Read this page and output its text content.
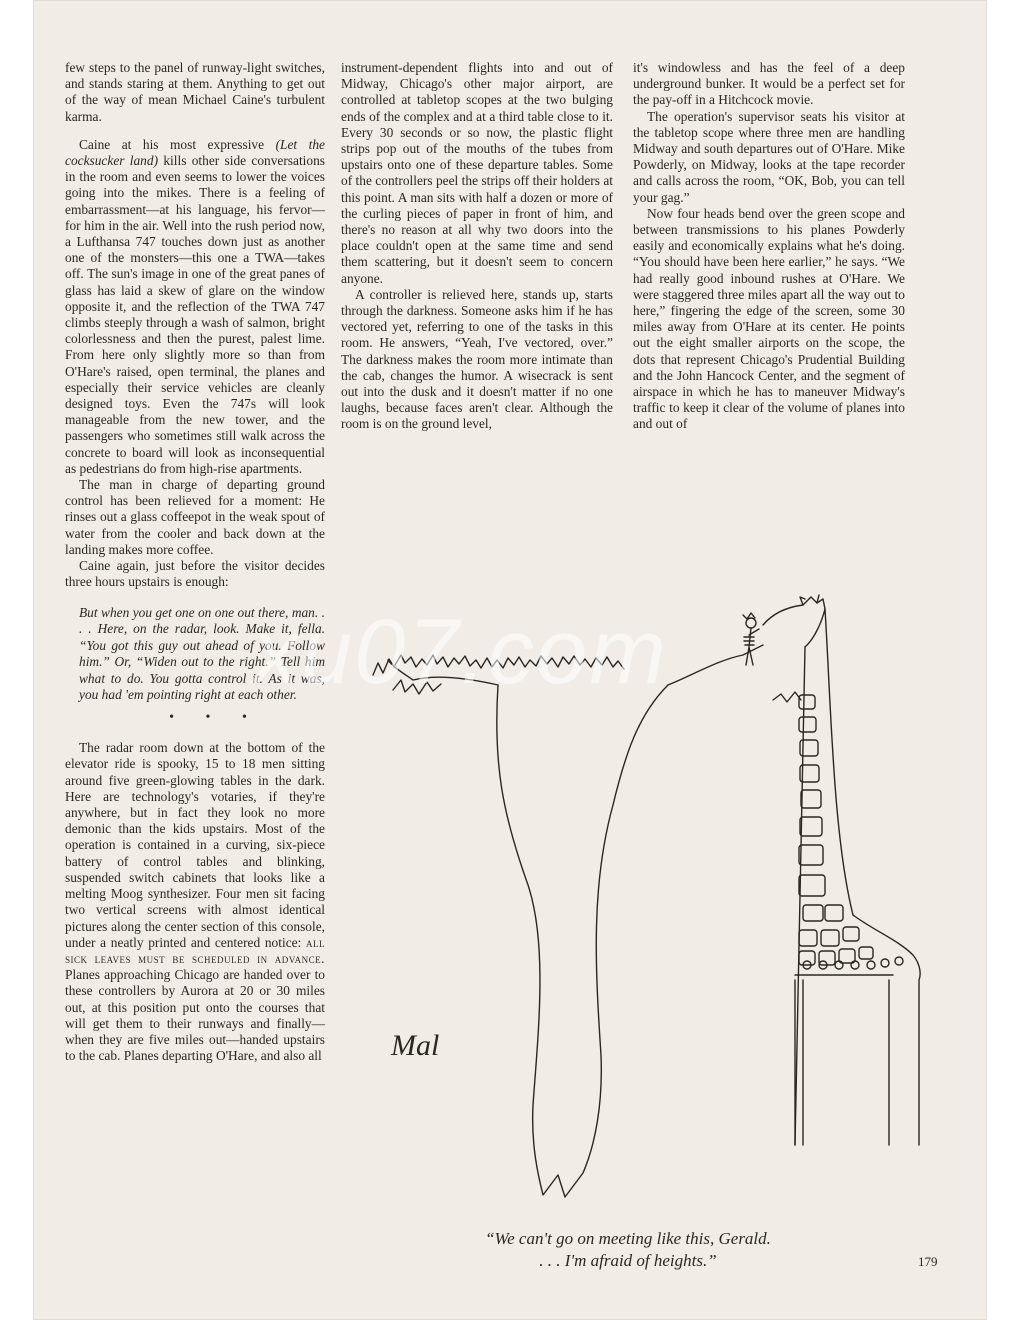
few steps to the panel of runway-light switches, and stands staring at them. Anything to get out of the way of mean Michael Caine's turbulent karma.

Caine at his most expressive (Let the cocksucker land) kills other side conversations in the room and even seems to lower the voices going into the mikes. There is a feeling of embarrassment—at his language, his fervor—for him in the air. Well into the rush period now, a Lufthansa 747 touches down just as another one of the monsters—this one a TWA—takes off. The sun's image in one of the great panes of glass has laid a skew of glare on the window opposite it, and the reflection of the TWA 747 climbs steeply through a wash of salmon, bright colorlessness and then the purest, palest lime. From here only slightly more so than from O'Hare's raised, open terminal, the planes and especially their service vehicles are cleanly designed toys. Even the 747s will look manageable from the new tower, and the passengers who sometimes still walk across the concrete to board will look as inconsequential as pedestrians do from high-rise apartments.

The man in charge of departing ground control has been relieved for a moment: He rinses out a glass coffeepot in the weak spout of water from the cooler and back down at the landing makes more coffee.

Caine again, just before the visitor decides three hours upstairs is enough:

But when you get one on one out there, man. . . . Here, on the radar, look. Make it, fella. “You got this guy out ahead of you. Follow him.” Or, “Widen out to the right.” Tell him what to do. You gotta control it. As it was, you had 'em pointing right at each other.

• • •

The radar room down at the bottom of the elevator ride is spooky, 15 to 18 men sitting around five green-glowing tables in the dark. Here are technology's votaries, if they're anywhere, but in fact they look no more demonic than the kids upstairs. Most of the operation is contained in a curving, six-piece battery of control tables and blinking, suspended switch cabinets that looks like a melting Moog synthesizer. Four men sit facing two vertical screens with almost identical pictures along the center section of this console, under a neatly printed and centered notice: all sick leaves must be scheduled in advance. Planes approaching Chicago are handed over to these controllers by Aurora at 20 or 30 miles out, at this position put onto the courses that will get them to their runways and finally—when they are five miles out—handed upstairs to the cab. Planes departing O'Hare, and also all

instrument-dependent flights into and out of Midway, Chicago's other major airport, are controlled at tabletop scopes at the two bulging ends of the complex and at a third table close to it. Every 30 seconds or so now, the plastic flight strips pop out of the mouths of the tubes from upstairs onto one of these departure tables. Some of the controllers peel the strips off their holders at this point. A man sits with half a dozen or more of the curling pieces of paper in front of him, and there's no reason at all why two doors into the place couldn't open at the same time and send them scattering, but it doesn't seem to concern anyone.

A controller is relieved here, stands up, starts through the darkness. Someone asks him if he has vectored yet, referring to one of the tasks in this room. He answers, “Yeah, I've vectored, over.” The darkness makes the room more intimate than the cab, changes the humor. A wisecrack is sent out into the dusk and it doesn't matter if no one laughs, because faces aren't clear. Although the room is on the ground level,

it's windowless and has the feel of a deep underground bunker. It would be a perfect set for the pay-off in a Hitchcock movie.

The operation's supervisor seats his visitor at the tabletop scope where three men are handling Midway and south departures out of O'Hare. Mike Powderly, on Midway, looks at the tape recorder and calls across the room, “OK, Bob, you can tell your gag.”

Now four heads bend over the green scope and between transmissions to his planes Powderly easily and economically explains what he's doing. “You should have been here earlier,” he says. “We had really good inbound rushes at O'Hare. We were staggered three miles apart all the way out to here,” fingering the edge of the screen, some 30 miles away from O'Hare at its center. He points out the eight smaller airports on the scope, the dots that represent Chicago's Prudential Building and the John Hancock Center, and the segment of airspace in which he has to maneuver Midway's traffic to keep it clear of the volume of planes into and out of

Mal
“We can't go on meeting like this, Gerald.
. . . I'm afraid of heights.”
xu07.com
179
